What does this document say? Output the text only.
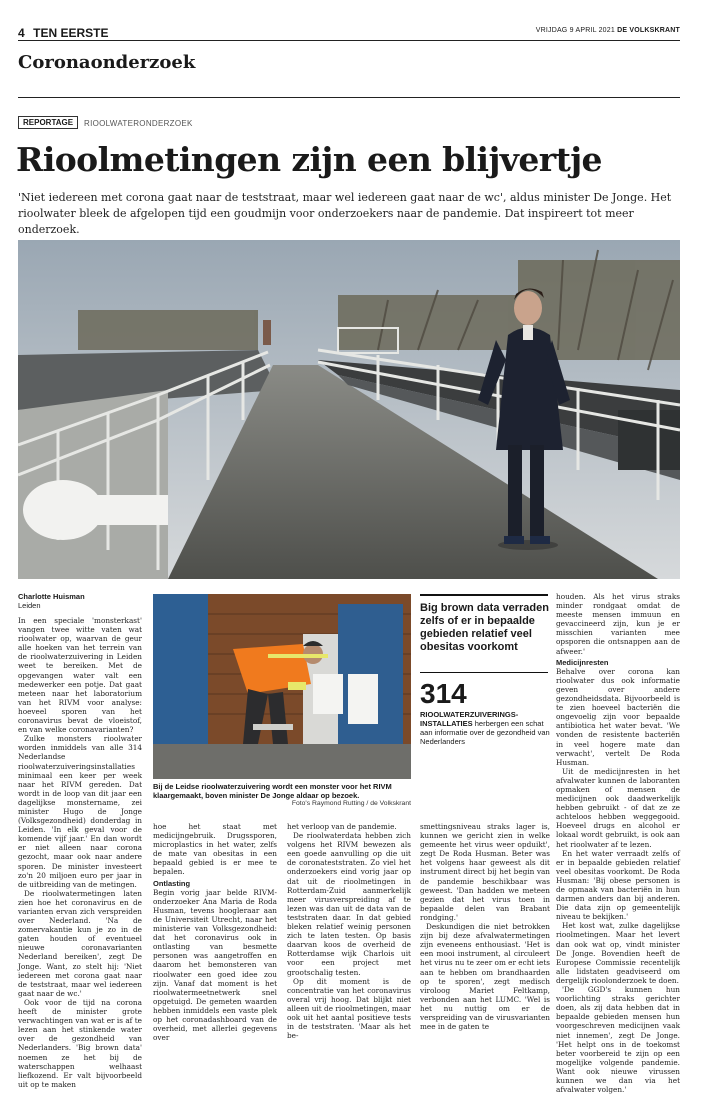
4 TEN EERSTE	VRIJDAG 9 APRIL 2021 DE VOLKSKRANT
Coronaonderzoek
REPORTAGE	RIOOLWATERONDERZOEK
Rioolmetingen zijn een blijvertje
'Niet iedereen met corona gaat naar de teststraat, maar wel iedereen gaat naar de wc', aldus minister De Jonge. Het rioolwater bleek de afgelopen tijd een goudmijn voor onderzoekers naar de pandemie. Dat inspireert tot meer onderzoek.
Charlotte Huisman
Leiden

In een speciale 'monsterkast' vangen twee witte vaten wat rioolwater op, waarvan de geur alle hoeken van het terrein van de rioolwaterzuivering in Leiden weet te bereiken. Met de opgevangen water valt een medewerker een potje. Dat gaat meteen naar het laboratorium van het RIVM voor analyse: hoeveel sporen van het coronavirus bevat de vloeistof, en van welke coronavarianten?

Zulke monsters rioolwater worden inmiddels van alle 314 Nederlandse rioolwaterzuiveringsinstallaties minimaal een keer per week naar het RIVM gereden. Dat wordt in de loop van dit jaar een dagelijkse monstername, zei minister Hugo de Jonge (Volksgezondheid) donderdag in Leiden. 'In elk geval voor de komende vijf jaar.' En dan wordt er niet alleen naar corona gezocht, maar ook naar andere sporen. De minister investeert zo'n 20 miljoen euro per jaar in de uitbreiding van de metingen.

De rioolwatermetingen laten zien hoe het coronavirus en de varianten ervan zich verspreiden over Nederland. 'Na de zomervakantie kun je zo in de gaten houden of eventueel nieuwe coronavarianten Nederland bereiken', zegt De Jonge. Want, zo stelt hij: 'Niet iedereen met corona gaat naar de teststraat, maar wel iedereen gaat naar de wc.'

Ook voor de tijd na corona heeft de minister grote verwachtingen van wat er is af te lezen aan het stinkende water over de gezondheid van Nederlanders. 'Big brown data' noemen ze het bij de waterschappen welhaast liefkozend. Er valt bijvoorbeeld uit op te maken

Bij de Leidse rioolwaterzuivering wordt een monster voor het RIVM klaargemaakt, boven minister De Jonge aldaar op bezoek.
Foto's Raymond Rutting / de Volkskrant

hoe het staat met medicijngebruik. Drugssporen, microplastics in het water, zelfs de mate van obesitas in een bepaald gebied is er mee te bepalen.

Ontlasting

Begin vorig jaar belde RIVM-onderzoeker Ana Maria de Roda Husman, tevens hoogleraar aan de Universiteit Utrecht, naar het ministerie van Volksgezondheid: dat het coronavirus ook in ontlasting van besmette personen was aangetroffen en daarom het bemonsteren van rioolwater een goed idee zou zijn. Vanaf dat moment is het rioolwatermeetnetwerk snel opgetuigd. De gemeten waarden hebben inmiddels een vaste plek op het coronadashboard van de overheid, met allerlei gegevens over

het verloop van de pandemie.

De rioolwaterdata hebben zich volgens het RIVM bewezen als een goede aanvulling op die uit de coronateststraten. Zo viel het onderzoekers eind vorig jaar op dat uit de rioolmetingen in Rotterdam-Zuid aanmerkelijk meer virusverspreiding af te lezen was dan uit de data van de teststraten daar. In dat gebied bleken relatief weinig personen zich te laten testen. Op basis daarvan koos de overheid de Rotterdamse wijk Charlois uit voor een project met grootschalig testen.

Op dit moment is de concentratie van het coronavirus overal vrij hoog. Dat blijkt niet alleen uit de rioolmetingen, maar ook uit het aantal positieve tests in de teststraten. 'Maar als het be-

Big brown data verraden zelfs of er in bepaalde gebieden relatief veel obesitas voorkomt
314
RIOOLWATERZUIVERINGS-INSTALLATIES herbergen een schat aan informatie over de gezondheid van Nederlanders

smettingsniveau straks lager is, kunnen we gericht zien in welke gemeente het virus weer opduikt', zegt De Roda Husman. Beter was het volgens haar geweest als dit instrument direct bij het begin van de pandemie beschikbaar was geweest. 'Dan hadden we meteen gezien dat het virus toen in bepaalde delen van Brabant rondging.'

Deskundigen die niet betrokken zijn bij deze afvalwatermetingen zijn eveneens enthousiast. 'Het is een mooi instrument, al circuleert het virus nu te zeer om er echt iets aan te hebben om brandhaarden op te sporen', zegt medisch viroloog Mariet Feltkamp, verbonden aan het LUMC. 'Wel is het nu nuttig om er de verspreiding van de virusvarianten mee in de gaten te

houden. Als het virus straks minder rondgaat omdat de meeste mensen immuun en gevaccineerd zijn, kun je er misschien varianten mee opsporen die ontsnappen aan de afweer.'

Medicijnresten

Behalve over corona kan rioolwater dus ook informatie geven over andere gezondheidsdata. Bijvoorbeeld is te zien hoeveel bacteriën die ongevoelig zijn voor bepaalde antibiotica het water bevat. 'We vonden de resistente bacteriën in veel hogere mate dan verwacht', vertelt De Roda Husman.

Uit de medicijnresten in het afvalwater kunnen de laboranten opmaken of mensen de medicijnen ook daadwerkelijk hebben gebruikt - of dat ze ze achteloos hebben weggegooid. Hoeveel drugs en alcohol er lokaal wordt gebruikt, is ook aan het rioolwater af te lezen.

En het water verraadt zelfs of er in bepaalde gebieden relatief veel obesitas voorkomt. De Roda Husman: 'Bij obese personen is de opmaak van bacteriën in hun darmen anders dan bij anderen. Die data zijn op gemeentelijk niveau te bekijken.'

Het kost wat, zulke dagelijkse rioolmetingen. Maar het levert dan ook wat op, vindt minister De Jonge. Bovendien heeft de Europese Commissie recentelijk alle lidstaten geadviseerd om dergelijk rioolonderzoek te doen.

'De GGD's kunnen hun voorlichting straks gerichter doen, als zij data hebben dat in bepaalde gebieden mensen hun voorgeschreven medicijnen vaak niet innemen', zegt De Jonge. 'Het helpt ons in de toekomst beter voorbereid te zijn op een mogelijke volgende pandemie. Want ook nieuwe virussen kunnen we dan via het afvalwater volgen.'
